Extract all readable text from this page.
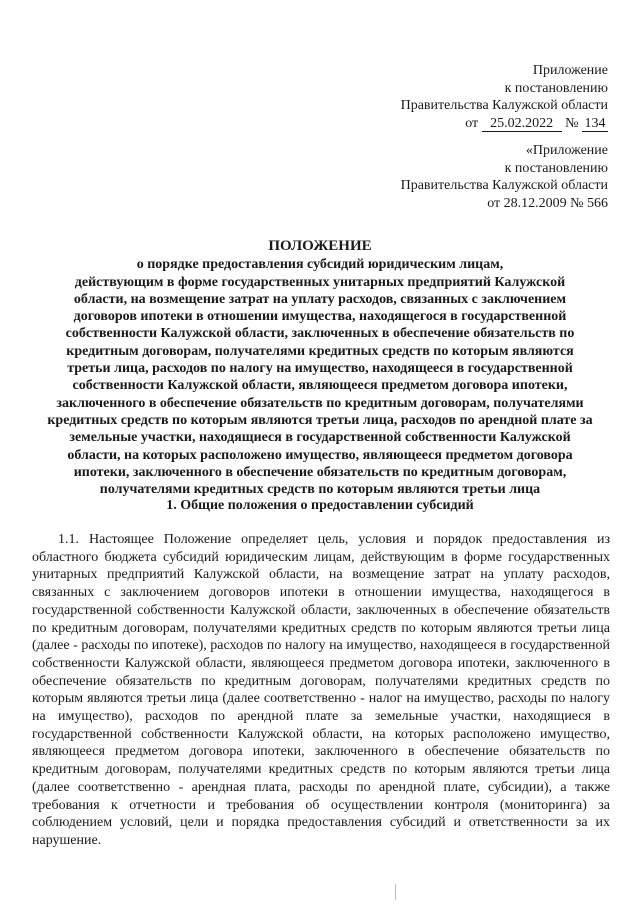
Приложение
к постановлению
Правительства Калужской области
от 25.02.2022 № 134
«Приложение
к постановлению
Правительства Калужской области
от 28.12.2009 № 566
ПОЛОЖЕНИЕ
о порядке предоставления субсидий юридическим лицам,
действующим в форме государственных унитарных предприятий Калужской
области, на возмещение затрат на уплату расходов, связанных с заключением
договоров ипотеки в отношении имущества, находящегося в государственной
собственности Калужской области, заключенных в обеспечение обязательств по
кредитным договорам, получателями кредитных средств по которым являются
третьи лица, расходов по налогу на имущество, находящееся в государственной
собственности Калужской области, являющееся предметом договора ипотеки,
заключенного в обеспечение обязательств по кредитным договорам, получателями
кредитных средств по которым являются третьи лица, расходов по арендной плате за
земельные участки, находящиеся в государственной собственности Калужской
области, на которых расположено имущество, являющееся предметом договора
ипотеки, заключенного в обеспечение обязательств по кредитным договорам,
получателями кредитных средств по которым являются третьи лица
1. Общие положения о предоставлении субсидий

1.1. Настоящее Положение определяет цель, условия и порядок предоставления из областного бюджета субсидий юридическим лицам, действующим в форме государственных унитарных предприятий Калужской области, на возмещение затрат на уплату расходов, связанных с заключением договоров ипотеки в отношении имущества, находящегося в государственной собственности Калужской области, заключенных в обеспечение обязательств по кредитным договорам, получателями кредитных средств по которым являются третьи лица (далее - расходы по ипотеке), расходов по налогу на имущество, находящееся в государственной собственности Калужской области, являющееся предметом договора ипотеки, заключенного в обеспечение обязательств по кредитным договорам, получателями кредитных средств по которым являются третьи лица (далее соответственно - налог на имущество, расходы по налогу на имущество), расходов по арендной плате за земельные участки, находящиеся в государственной собственности Калужской области, на которых расположено имущество, являющееся предметом договора ипотеки, заключенного в обеспечение обязательств по кредитным договорам, получателями кредитных средств по которым являются третьи лица (далее соответственно - арендная плата, расходы по арендной плате, субсидии), а также требования к отчетности и требования об осуществлении контроля (мониторинга) за соблюдением условий, цели и порядка предоставления субсидий и ответственности за их нарушение.
